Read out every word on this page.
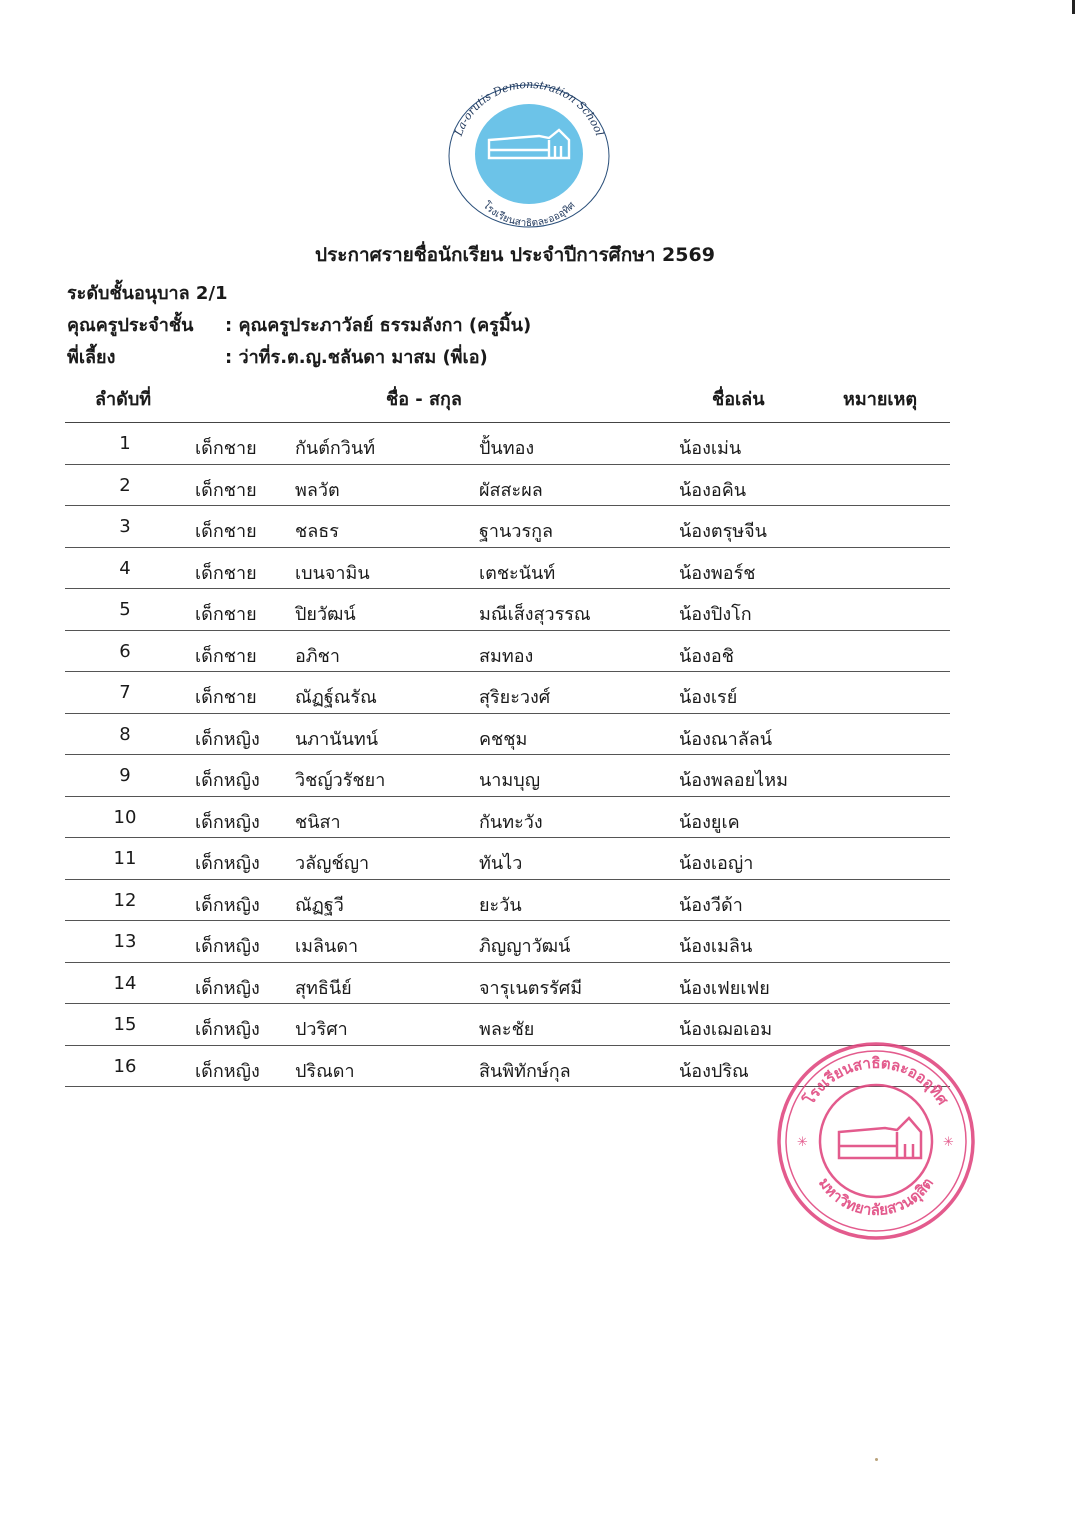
La-orutis Demonstration School
โรงเรียนสาธิตละอออุทิศ
ประกาศรายชื่อนักเรียน ประจำปีการศึกษา 2569
ระดับชั้นอนุบาล 2/1
คุณครูประจำชั้น : คุณครูประภาวัลย์ ธรรมลังกา (ครูมิ้น)
พี่เลี้ยง	: ว่าที่ร.ต.ญ.ชลันดา มาสม (พี่เอ)
ลำดับที่	ชื่อ - สกุล	ชื่อเล่น	หมายเหตุ
1	เด็กชาย กันต์กวินท์	ปั้นทอง	น้องเม่น
2	เด็กชาย พลวัต	ผัสสะผล	น้องอคิน
3	เด็กชาย ชลธร	ฐานวรกูล	น้องตรุษจีน
4	เด็กชาย เบนจามิน	เตชะนันท์	น้องพอร์ช
5	เด็กชาย ปิยวัฒน์	มณีเส็งสุวรรณ	น้องปิงโก
6	เด็กชาย อภิชา	สมทอง	น้องอชิ
7	เด็กชาย ณัฏฐ์ณรัณ	สุริยะวงศ์	น้องเรย์
8	เด็กหญิง นภานันทน์	คชชุม	น้องณาลัลน์
9	เด็กหญิง วิชญ์วรัชยา	นามบุญ	น้องพลอยไหม
10	เด็กหญิง ชนิสา	กันทะวัง	น้องยูเค
11	เด็กหญิง วลัญช์ญา	ทันไว	น้องเอญ่า
12	เด็กหญิง ณัฏฐวี	ยะวัน	น้องวีด้า
13	เด็กหญิง เมลินดา	ภิญญาวัฒน์	น้องเมลิน
14	เด็กหญิง สุทธินีย์	จารุเนตรรัศมี	น้องเฟยเฟย
15	เด็กหญิง ปวริศา	พละชัย	น้องเฌอเอม
16	เด็กหญิง ปริณดา	สินพิทักษ์กุล	น้องปริณ
โรงเรียนสาธิตละอออุทิศ
มหาวิทยาลัยสวนดุสิต
✳	✳
